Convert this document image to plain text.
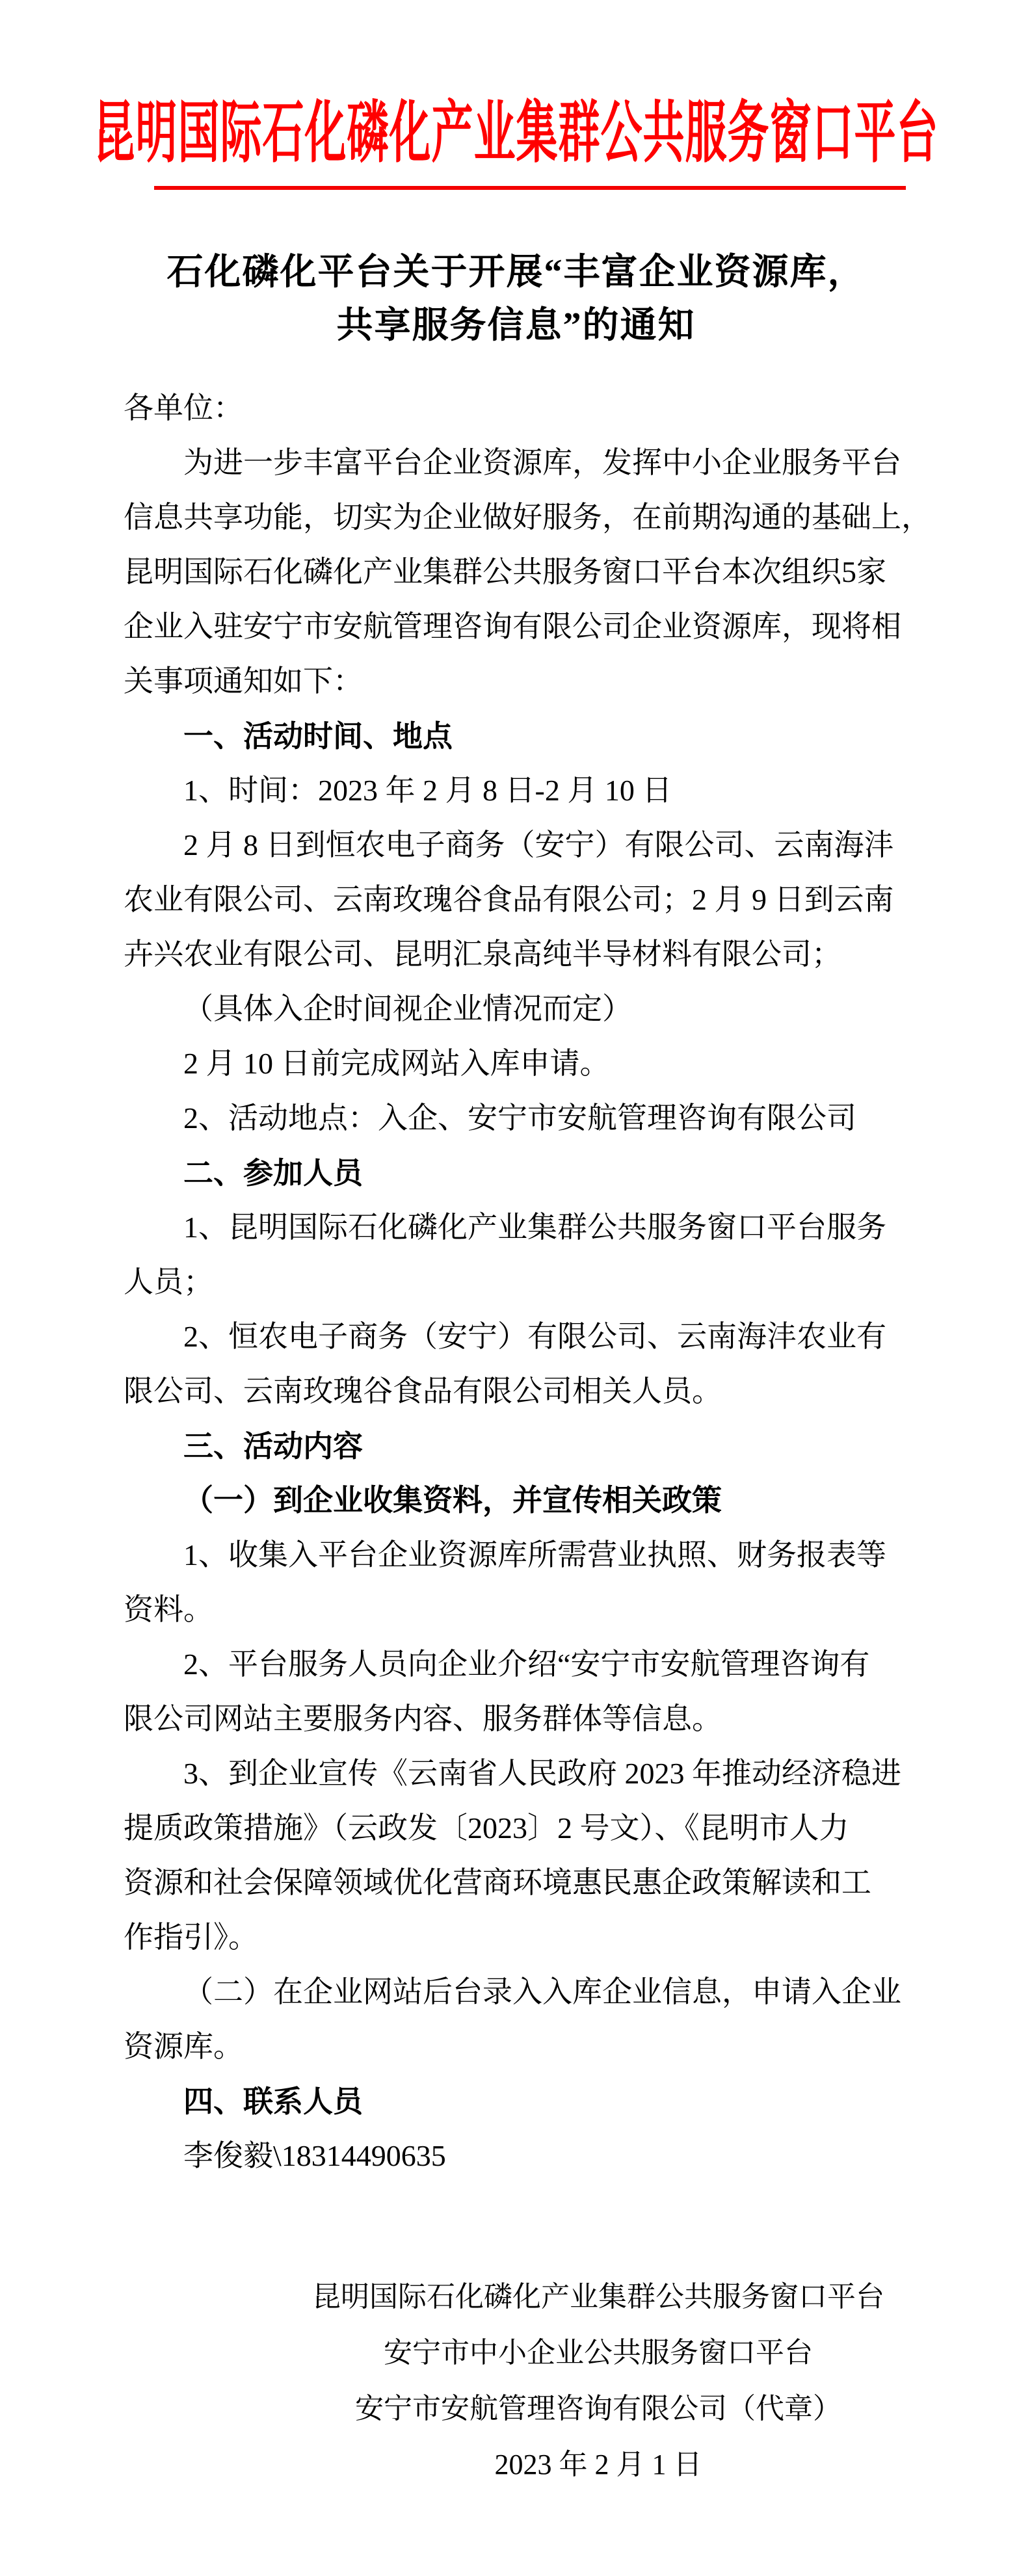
昆明国际石化磷化产业集群公共服务窗口平台
石化磷化平台关于开展“丰富企业资源库，
共享服务信息”的通知
各单位：
为进一步丰富平台企业资源库，发挥中小企业服务平台
信息共享功能，切实为企业做好服务，在前期沟通的基础上，
昆明国际石化磷化产业集群公共服务窗口平台本次组织5家
企业入驻安宁市安航管理咨询有限公司企业资源库，现将相
关事项通知如下：
一、活动时间、地点
1、时间：2023 年 2 月 8 日-2 月 10 日
2 月 8 日到恒农电子商务（安宁）有限公司、云南海沣
农业有限公司、云南玫瑰谷食品有限公司；2 月 9 日到云南
卉兴农业有限公司、昆明汇泉高纯半导材料有限公司；
（具体入企时间视企业情况而定）
2 月 10 日前完成网站入库申请。
2、活动地点：入企、安宁市安航管理咨询有限公司
二、参加人员
1、昆明国际石化磷化产业集群公共服务窗口平台服务
人员；
2、恒农电子商务（安宁）有限公司、云南海沣农业有
限公司、云南玫瑰谷食品有限公司相关人员。
三、活动内容
（一）到企业收集资料，并宣传相关政策
1、收集入平台企业资源库所需营业执照、财务报表等
资料。
2、平台服务人员向企业介绍“安宁市安航管理咨询有
限公司网站主要服务内容、服务群体等信息。
3、到企业宣传《云南省人民政府 2023 年推动经济稳进
提质政策措施》（云政发〔2023〕2 号文）、《昆明市人力
资源和社会保障领域优化营商环境惠民惠企政策解读和工
作指引》。
（二）在企业网站后台录入入库企业信息，申请入企业
资源库。
四、联系人员
李俊毅\18314490635
昆明国际石化磷化产业集群公共服务窗口平台
安宁市中小企业公共服务窗口平台
安宁市安航管理咨询有限公司（代章）
2023 年 2 月 1 日
